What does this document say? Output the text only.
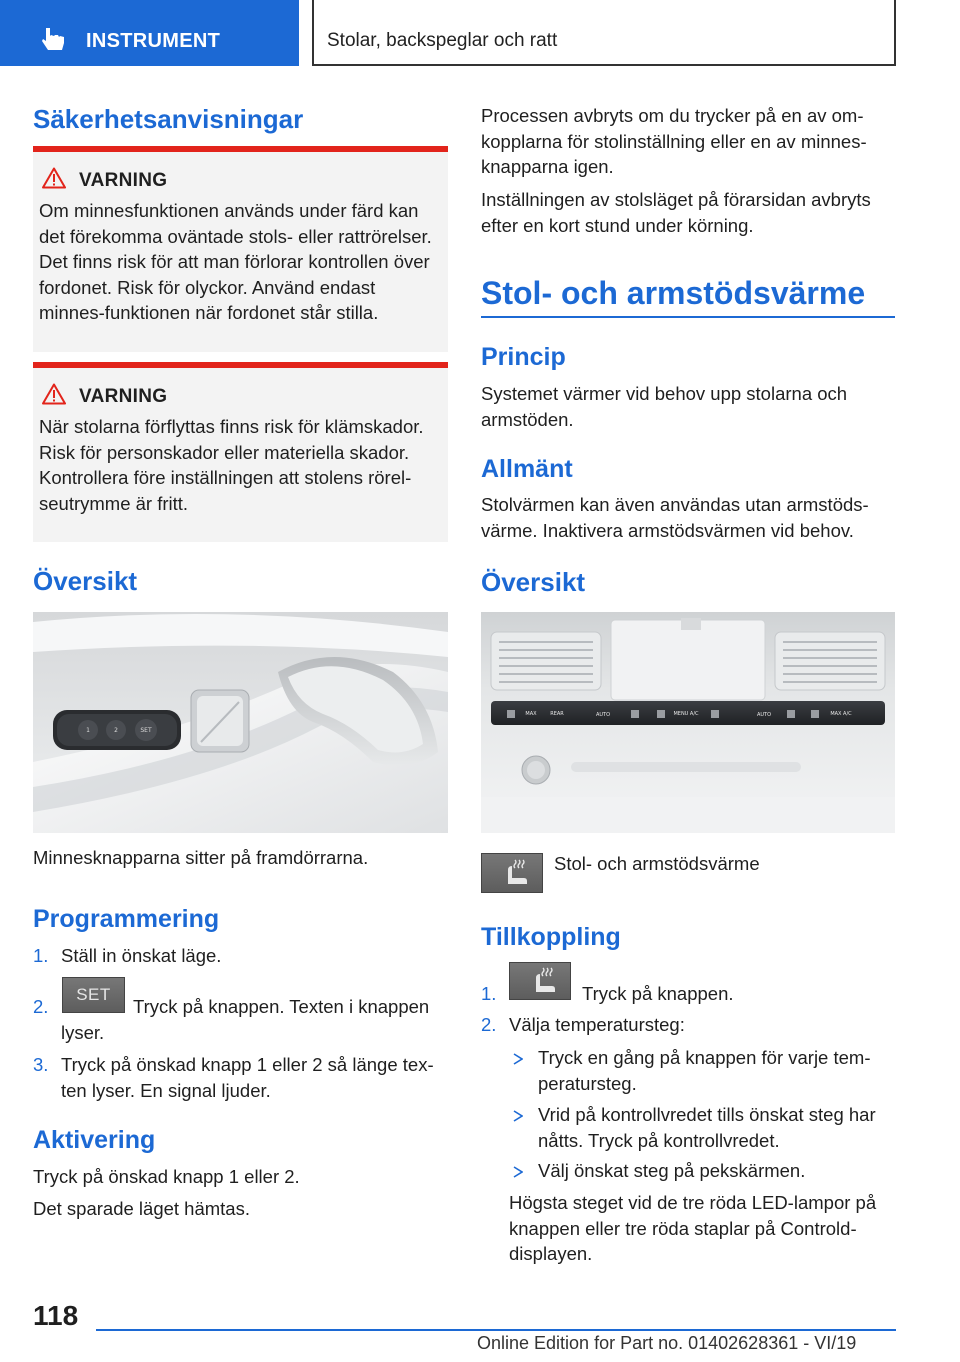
INSTRUMENT	Stolar, backspeglar och ratt
Säkerhetsanvisningar
VARNING
Om minnesfunktionen används under färd kan det förekomma oväntade stols- eller rattrörelser. Det finns risk för att man förlorar kontrollen över fordonet. Risk för olyckor. Använd endast minnes-funktionen när fordonet står stilla.
VARNING
När stolarna förflyttas finns risk för klämskador. Risk för personskador eller materiella skador. Kontrollera före inställningen att stolens rörelseutrymme är fritt.
Översikt
1	2	SET
Minnesknapparna sitter på framdörrarna.
Programmering
1. Ställ in önskat läge.
2.
SET
Tryck på knappen. Texten i knappen lyser.
3. Tryck på önskad knapp 1 eller 2 så länge texten lyser. En signal ljuder.
Aktivering
Tryck på önskad knapp 1 eller 2.
Det sparade läget hämtas.
Processen avbryts om du trycker på en av omkopplarna för stolinställning eller en av minnesknapparna igen.
Inställningen av stolsläget på förarsidan avbryts efter en kort stund under körning.
Stol- och armstödsvärme
Princip
Systemet värmer vid behov upp stolarna och armstöden.
Allmänt
Stolvärmen kan även användas utan armstödsvärme. Inaktivera armstödsvärmen vid behov.
Översikt
MAX	REAR	AUTO	MENU A/C	AUTO	MAX A/C
Stol- och armstödsvärme
Tillkoppling
1.	Tryck på knappen.
2. Välja temperatursteg:
Tryck en gång på knappen för varje temperatursteg.
Vrid på kontrollvredet tills önskat steg har nåtts. Tryck på kontrollvredet.
Välj önskat steg på pekskärmen.
Högsta steget vid de tre röda LED-lampor på knappen eller tre röda staplar på Controlddisplayen.
118
Online Edition for Part no. 01402628361 - VI/19
